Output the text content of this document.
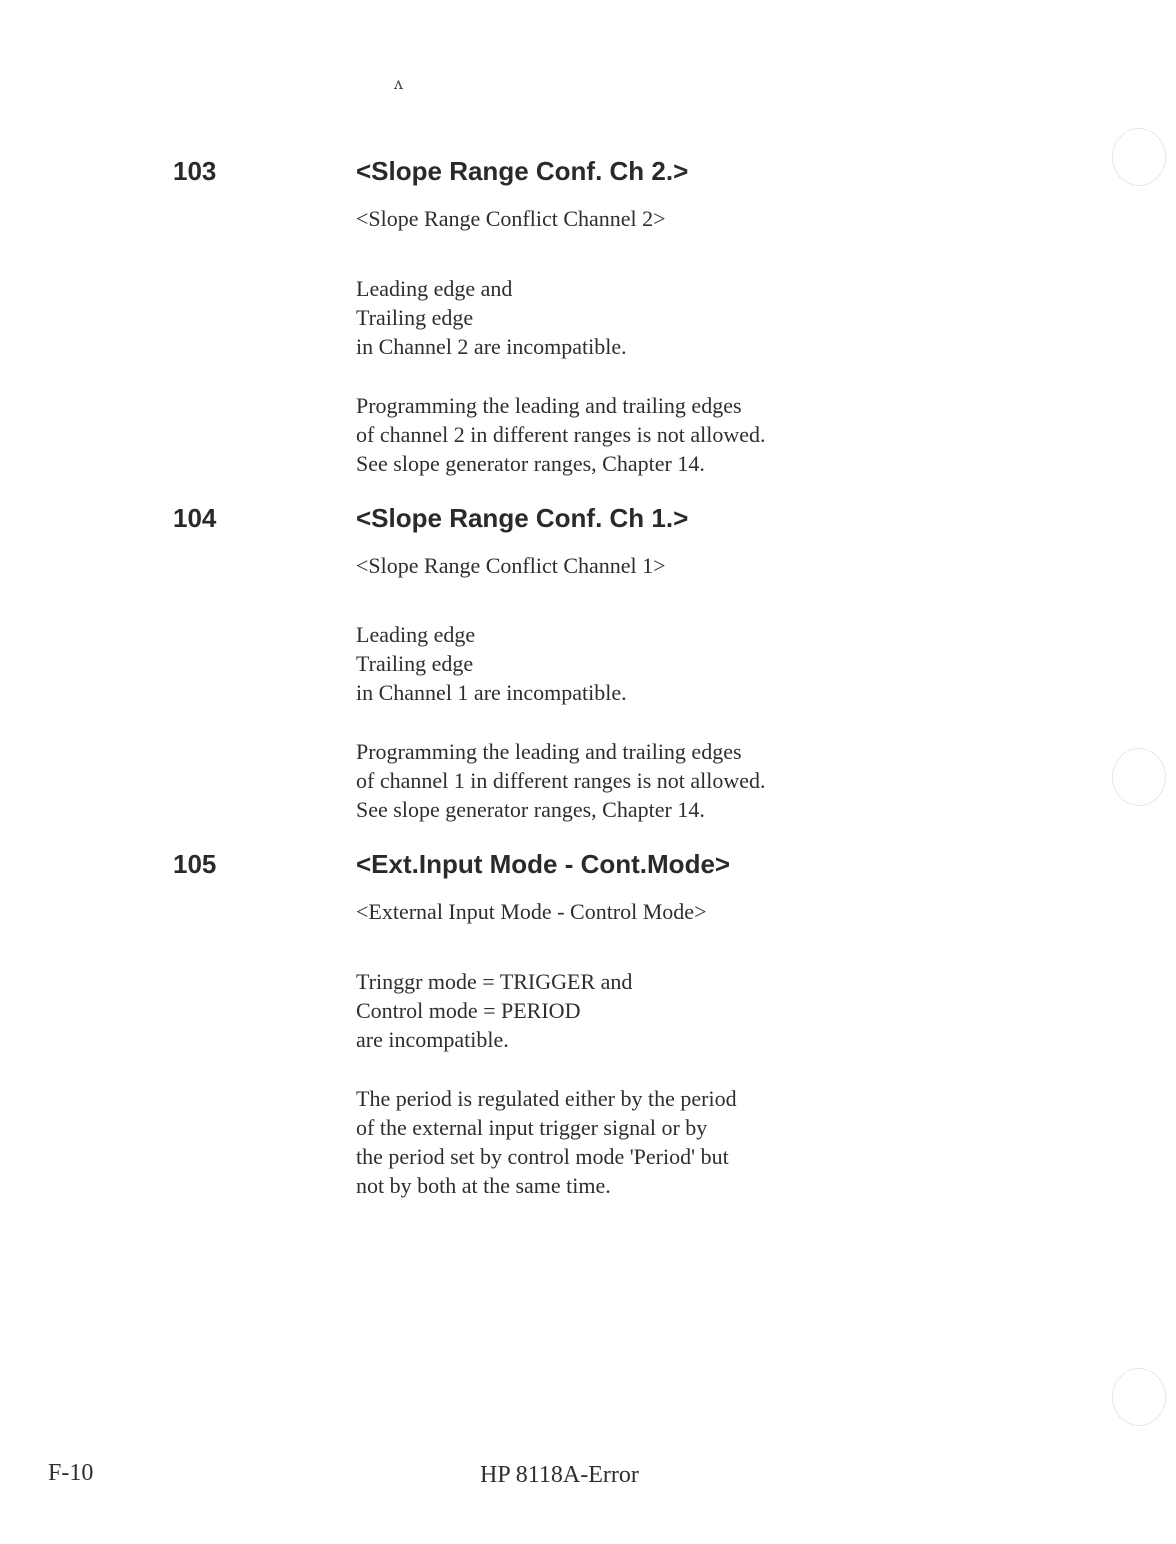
ʌ
103	<Slope Range Conf. Ch 2.>
<Slope Range Conflict Channel 2>
Leading edge and
Trailing edge
in Channel 2 are incompatible.
Programming the leading and trailing edges
of channel 2 in different ranges is not allowed.
See slope generator ranges, Chapter 14.
104	<Slope Range Conf. Ch 1.>
<Slope Range Conflict Channel 1>
Leading edge
Trailing edge
in Channel 1 are incompatible.
Programming the leading and trailing edges
of channel 1 in different ranges is not allowed.
See slope generator ranges, Chapter 14.
105	<Ext.Input Mode - Cont.Mode>
<External Input Mode - Control Mode>
Tringgr mode = TRIGGER and
Control mode = PERIOD
are incompatible.
The period is regulated either by the period
of the external input trigger signal or by
the period set by control mode 'Period' but
not by both at the same time.
F-10	HP 8118A-Error
